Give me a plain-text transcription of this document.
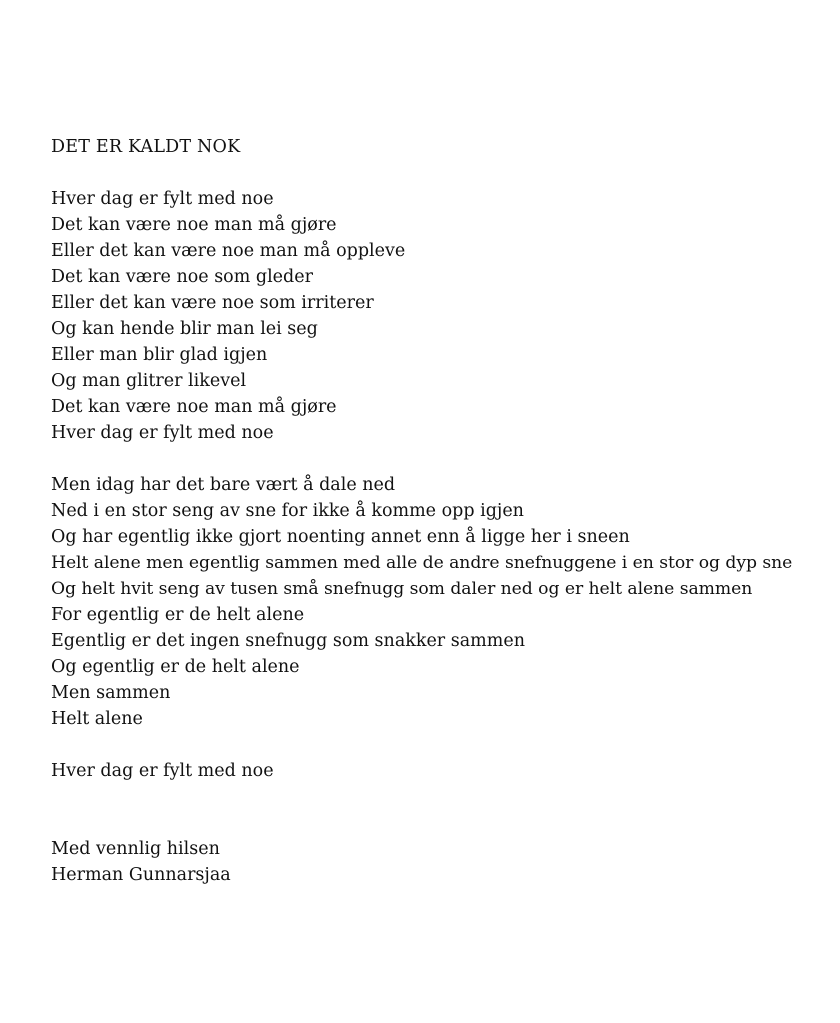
DET ER KALDT NOK
Hver dag er fylt med noe
Det kan være noe man må gjøre
Eller det kan være noe man må oppleve
Det kan være noe som gleder
Eller det kan være noe som irriterer
Og kan hende blir man lei seg
Eller man blir glad igjen
Og man glitrer likevel
Det kan være noe man må gjøre
Hver dag er fylt med noe
Men idag har det bare vært å dale ned
Ned i en stor seng av sne for ikke å komme opp igjen
Og har egentlig ikke gjort noenting annet enn å ligge her i sneen
Helt alene men egentlig sammen med alle de andre snefnuggene i en stor og dyp sne
Og helt hvit seng av tusen små snefnugg som daler ned og er helt alene sammen
For egentlig er de helt alene
Egentlig er det ingen snefnugg som snakker sammen
Og egentlig er de helt alene
Men sammen
Helt alene
Hver dag er fylt med noe
Med vennlig hilsen
Herman Gunnarsjaa
